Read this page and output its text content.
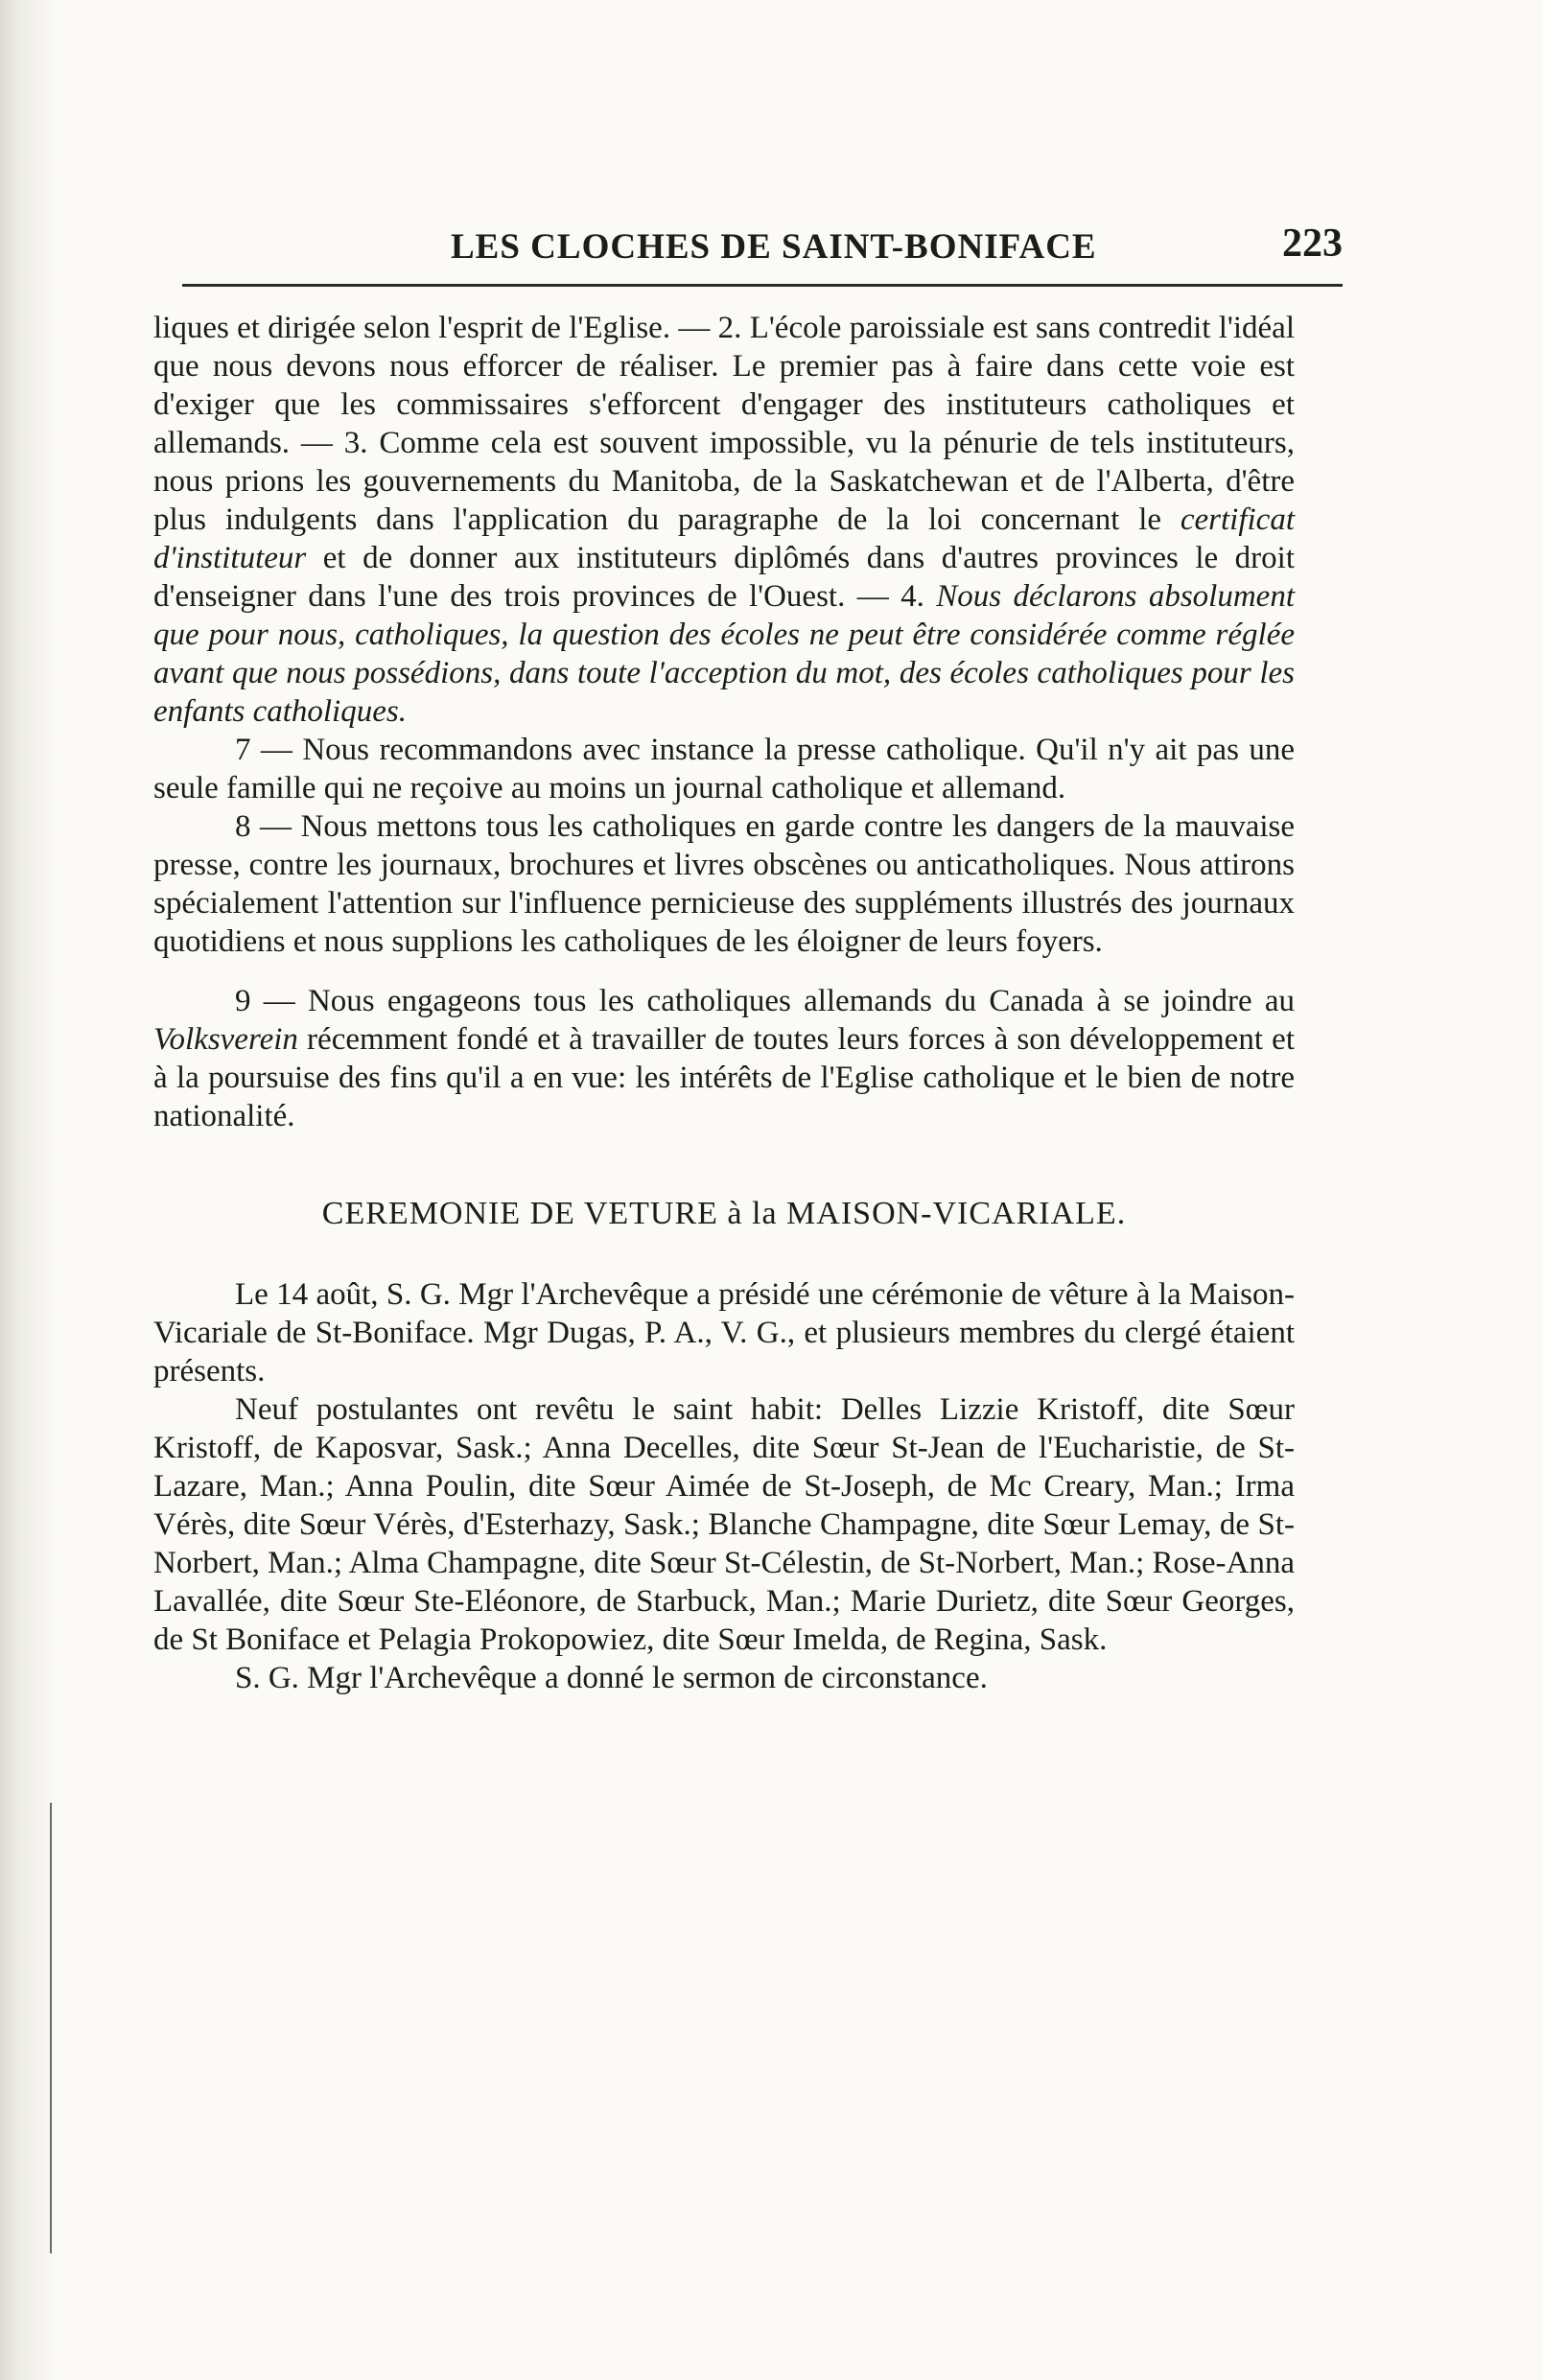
LES CLOCHES DE SAINT-BONIFACE	223

liques et dirigée selon l'esprit de l'Eglise. — 2. L'école paroissiale est sans contredit l'idéal que nous devons nous efforcer de réaliser. Le premier pas à faire dans cette voie est d'exiger que les commissaires s'efforcent d'engager des instituteurs catholiques et allemands. — 3. Comme cela est souvent impossible, vu la pénurie de tels instituteurs, nous prions les gouvernements du Manitoba, de la Saskatchewan et de l'Alberta, d'être plus indulgents dans l'application du paragraphe de la loi concernant le certificat d'instituteur et de donner aux instituteurs diplômés dans d'autres provinces le droit d'enseigner dans l'une des trois provinces de l'Ouest. — 4. Nous déclarons absolument que pour nous, catholiques, la question des écoles ne peut être considérée comme réglée avant que nous possédions, dans toute l'acception du mot, des écoles catholiques pour les enfants catholiques.

7 — Nous recommandons avec instance la presse catholique. Qu'il n'y ait pas une seule famille qui ne reçoive au moins un journal catholique et allemand.

8 — Nous mettons tous les catholiques en garde contre les dangers de la mauvaise presse, contre les journaux, brochures et livres obscènes ou anticatholiques. Nous attirons spécialement l'attention sur l'influence pernicieuse des suppléments illustrés des journaux quotidiens et nous supplions les catholiques de les éloigner de leurs foyers.

9 — Nous engageons tous les catholiques allemands du Canada à se joindre au Volksverein récemment fondé et à travailler de toutes leurs forces à son développement et à la poursuise des fins qu'il a en vue: les intérêts de l'Eglise catholique et le bien de notre nationalité.

CEREMONIE DE VETURE à la MAISON-VICARIALE.

Le 14 août, S. G. Mgr l'Archevêque a présidé une cérémonie de vêture à la Maison-Vicariale de St-Boniface. Mgr Dugas, P. A., V. G., et plusieurs membres du clergé étaient présents.

Neuf postulantes ont revêtu le saint habit: Delles Lizzie Kristoff, dite Sœur Kristoff, de Kaposvar, Sask.; Anna Decelles, dite Sœur St-Jean de l'Eucharistie, de St-Lazare, Man.; Anna Poulin, dite Sœur Aimée de St-Joseph, de Mc Creary, Man.; Irma Vérès, dite Sœur Vérès, d'Esterhazy, Sask.; Blanche Champagne, dite Sœur Lemay, de St-Norbert, Man.; Alma Champagne, dite Sœur St-Célestin, de St-Norbert, Man.; Rose-Anna Lavallée, dite Sœur Ste-Eléonore, de Starbuck, Man.; Marie Durietz, dite Sœur Georges, de St Boniface et Pelagia Prokopowiez, dite Sœur Imelda, de Regina, Sask.

S. G. Mgr l'Archevêque a donné le sermon de circonstance.
